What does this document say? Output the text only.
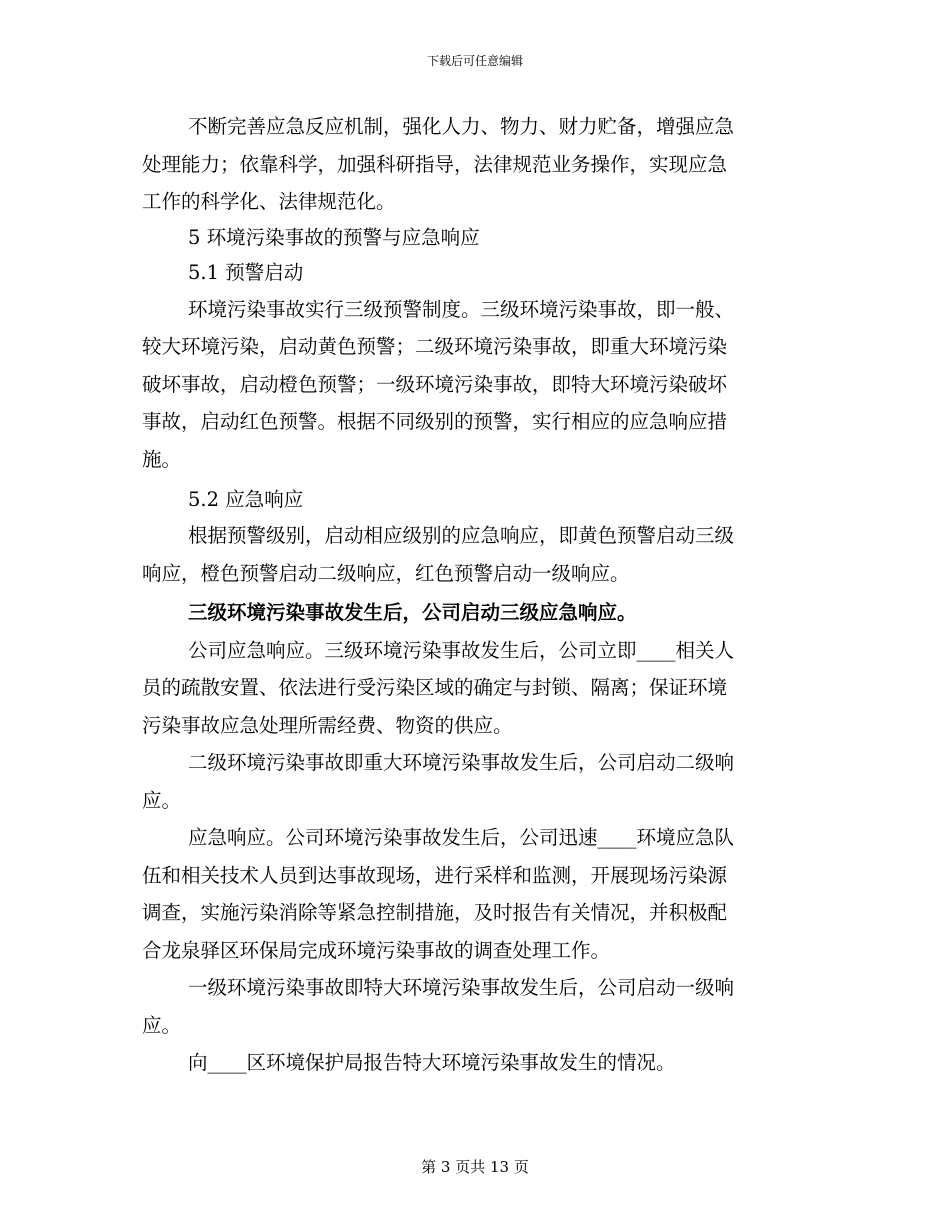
下载后可任意编辑
不断完善应急反应机制，强化人力、物力、财力贮备，增强应急
处理能力；依靠科学，加强科研指导，法律规范业务操作，实现应急
工作的科学化、法律规范化。
5 环境污染事故的预警与应急响应
5.1 预警启动
环境污染事故实行三级预警制度。三级环境污染事故，即一般、
较大环境污染，启动黄色预警；二级环境污染事故，即重大环境污染
破坏事故，启动橙色预警；一级环境污染事故，即特大环境污染破坏
事故，启动红色预警。根据不同级别的预警，实行相应的应急响应措
施。
5.2 应急响应
根据预警级别，启动相应级别的应急响应，即黄色预警启动三级
响应，橙色预警启动二级响应，红色预警启动一级响应。
三级环境污染事故发生后，公司启动三级应急响应。
公司应急响应。三级环境污染事故发生后，公司立即____相关人
员的疏散安置、依法进行受污染区域的确定与封锁、隔离；保证环境
污染事故应急处理所需经费、物资的供应。
二级环境污染事故即重大环境污染事故发生后，公司启动二级响
应。
应急响应。公司环境污染事故发生后，公司迅速____环境应急队
伍和相关技术人员到达事故现场，进行采样和监测，开展现场污染源
调查，实施污染消除等紧急控制措施，及时报告有关情况，并积极配
合龙泉驿区环保局完成环境污染事故的调查处理工作。
一级环境污染事故即特大环境污染事故发生后，公司启动一级响
应。
向____区环境保护局报告特大环境污染事故发生的情况。
第 3 页共 13 页
